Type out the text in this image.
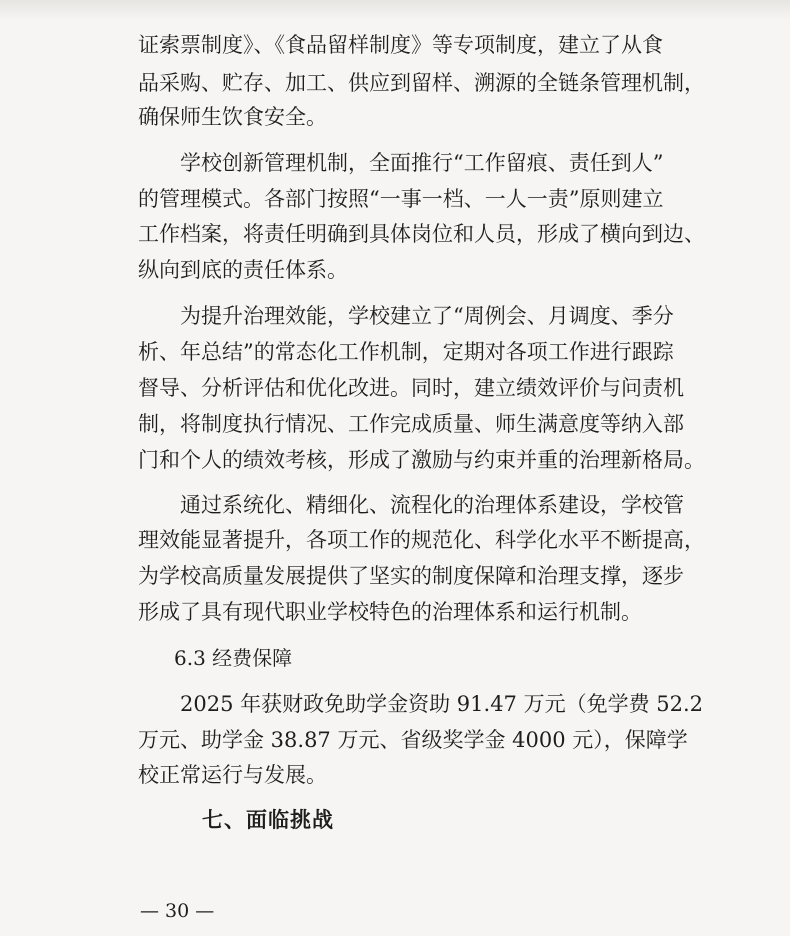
证索票制度》、《食品留样制度》等专项制度，建立了从食
品采购、贮存、加工、供应到留样、溯源的全链条管理机制，
确保师生饮食安全。
学校创新管理机制，全面推行“工作留痕、责任到人”
的管理模式。各部门按照“一事一档、一人一责”原则建立
工作档案，将责任明确到具体岗位和人员，形成了横向到边、
纵向到底的责任体系。
为提升治理效能，学校建立了“周例会、月调度、季分
析、年总结”的常态化工作机制，定期对各项工作进行跟踪
督导、分析评估和优化改进。同时，建立绩效评价与问责机
制，将制度执行情况、工作完成质量、师生满意度等纳入部
门和个人的绩效考核，形成了激励与约束并重的治理新格局。
通过系统化、精细化、流程化的治理体系建设，学校管
理效能显著提升，各项工作的规范化、科学化水平不断提高，
为学校高质量发展提供了坚实的制度保障和治理支撑，逐步
形成了具有现代职业学校特色的治理体系和运行机制。
6.3 经费保障
2025 年获财政免助学金资助 91.47 万元（免学费 52.2
万元、助学金 38.87 万元、省级奖学金 4000 元），保障学
校正常运行与发展。
七、面临挑战
— 30 —
